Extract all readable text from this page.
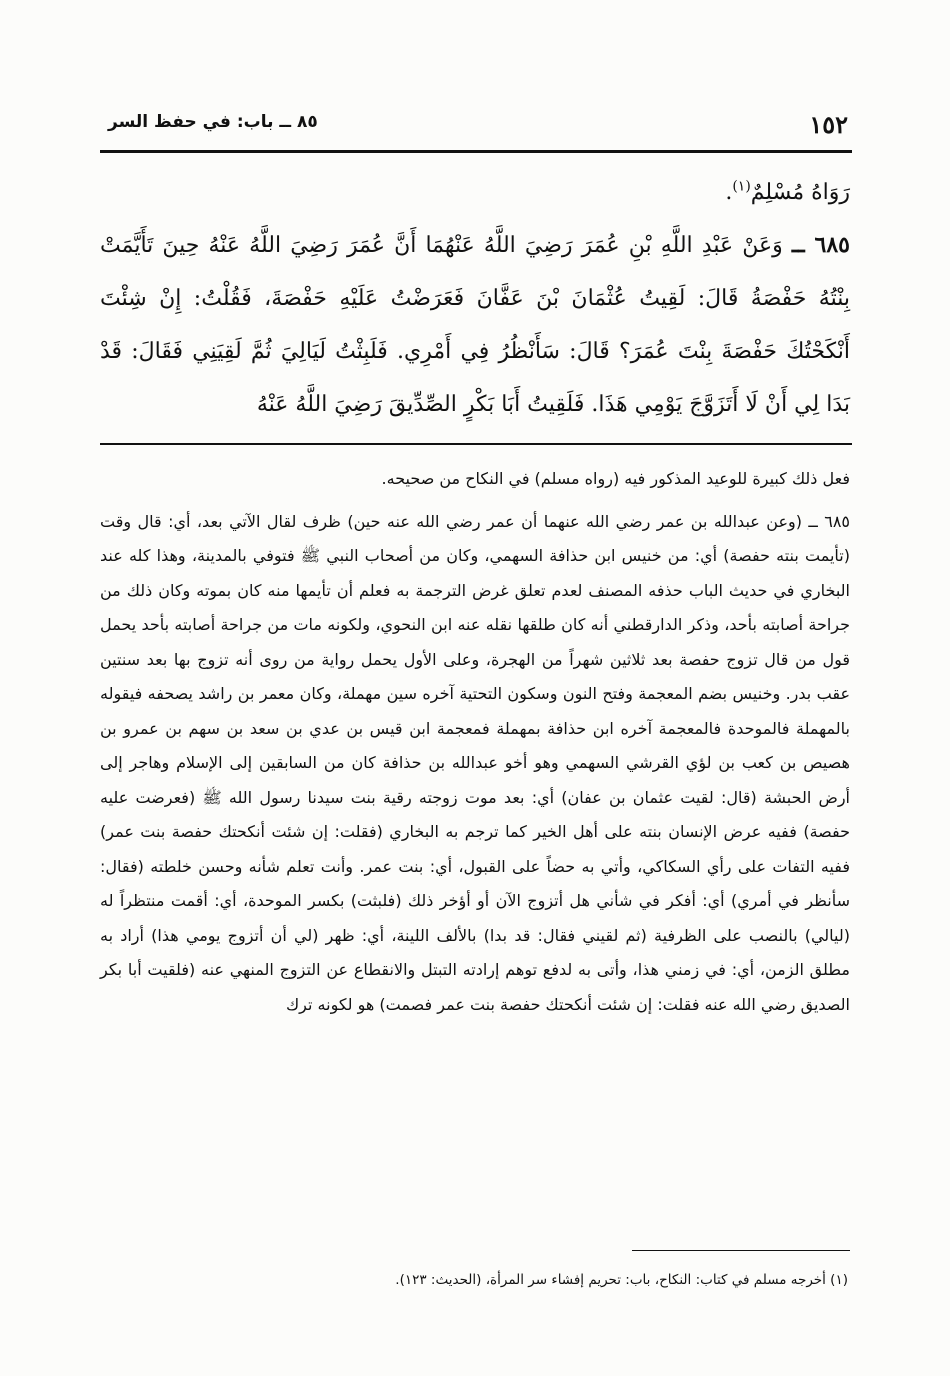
١٥٢
٨٥ ــ باب: في حفظ السر

رَوَاهُ مُسْلِمٌ$^{(١)}$.

٦٨٥ ــ وَعَنْ عَبْدِ اللَّهِ بْنِ عُمَرَ رَضِيَ اللَّهُ عَنْهُمَا أَنَّ عُمَرَ رَضِيَ اللَّهُ عَنْهُ حِينَ تَأَيَّمَتْ بِنْتُهُ حَفْصَةُ قَالَ: لَقِيتُ عُثْمَانَ بْنَ عَفَّانَ فَعَرَضْتُ عَلَيْهِ حَفْصَةَ، فَقُلْتُ: إِنْ شِئْتَ أَنْكَحْتُكَ حَفْصَةَ بِنْتَ عُمَرَ؟ قَالَ: سَأَنْظُرُ فِي أَمْرِي. فَلَبِثْتُ لَيَالِيَ ثُمَّ لَقِيَنِي فَقَالَ: قَدْ بَدَا لِي أَنْ لَا أَتَزَوَّجَ يَوْمِي هَذَا. فَلَقِيتُ أَبَا بَكْرٍ الصِّدِّيقَ رَضِيَ اللَّهُ عَنْهُ

فعل ذلك كبيرة للوعيد المذكور فيه (رواه مسلم) في النكاح من صحيحه.

٦٨٥ ــ (وعن عبدالله بن عمر رضي الله عنهما أن عمر رضي الله عنه حين) ظرف لقال الآتي بعد، أي: قال وقت (تأيمت بنته حفصة) أي: من خنيس ابن حذافة السهمي، وكان من أصحاب النبي ﷺ فتوفي بالمدينة، وهذا كله عند البخاري في حديث الباب حذفه المصنف لعدم تعلق غرض الترجمة به فعلم أن تأيمها منه كان بموته وكان ذلك من جراحة أصابته بأحد، وذكر الدارقطني أنه كان طلقها نقله عنه ابن النحوي، ولكونه مات من جراحة أصابته بأحد يحمل قول من قال تزوج حفصة بعد ثلاثين شهراً من الهجرة، وعلى الأول يحمل رواية من روى أنه تزوج بها بعد سنتين عقب بدر. وخنيس بضم المعجمة وفتح النون وسكون التحتية آخره سين مهملة، وكان معمر بن راشد يصحفه فيقوله بالمهملة فالموحدة فالمعجمة آخره ابن حذافة بمهملة فمعجمة ابن قيس بن عدي بن سعد بن سهم بن عمرو بن هصيص بن كعب بن لؤي القرشي السهمي وهو أخو عبدالله بن حذافة كان من السابقين إلى الإسلام وهاجر إلى أرض الحبشة (قال: لقيت عثمان بن عفان) أي: بعد موت زوجته رقية بنت سيدنا رسول الله ﷺ (فعرضت عليه حفصة) ففيه عرض الإنسان بنته على أهل الخير كما ترجم به البخاري (فقلت: إن شئت أنكحتك حفصة بنت عمر) ففيه التفات على رأي السكاكي، وأتي به حضاً على القبول، أي: بنت عمر. وأنت تعلم شأنه وحسن خلطته (فقال: سأنظر في أمري) أي: أفكر في شأني هل أتزوج الآن أو أؤخر ذلك (فلبثت) بكسر الموحدة، أي: أقمت منتظراً له (ليالي) بالنصب على الظرفية (ثم لقيني فقال: قد بدا) بالألف اللينة، أي: ظهر (لي أن أتزوج يومي هذا) أراد به مطلق الزمن، أي: في زمني هذا، وأتى به لدفع توهم إرادته التبتل والانقطاع عن التزوج المنهي عنه (فلقيت أبا بكر الصديق رضي الله عنه فقلت: إن شئت أنكحتك حفصة بنت عمر فصمت) هو لكونه ترك

(١) أخرجه مسلم في كتاب: النكاح، باب: تحريم إفشاء سر المرأة، (الحديث: ١٢٣).
